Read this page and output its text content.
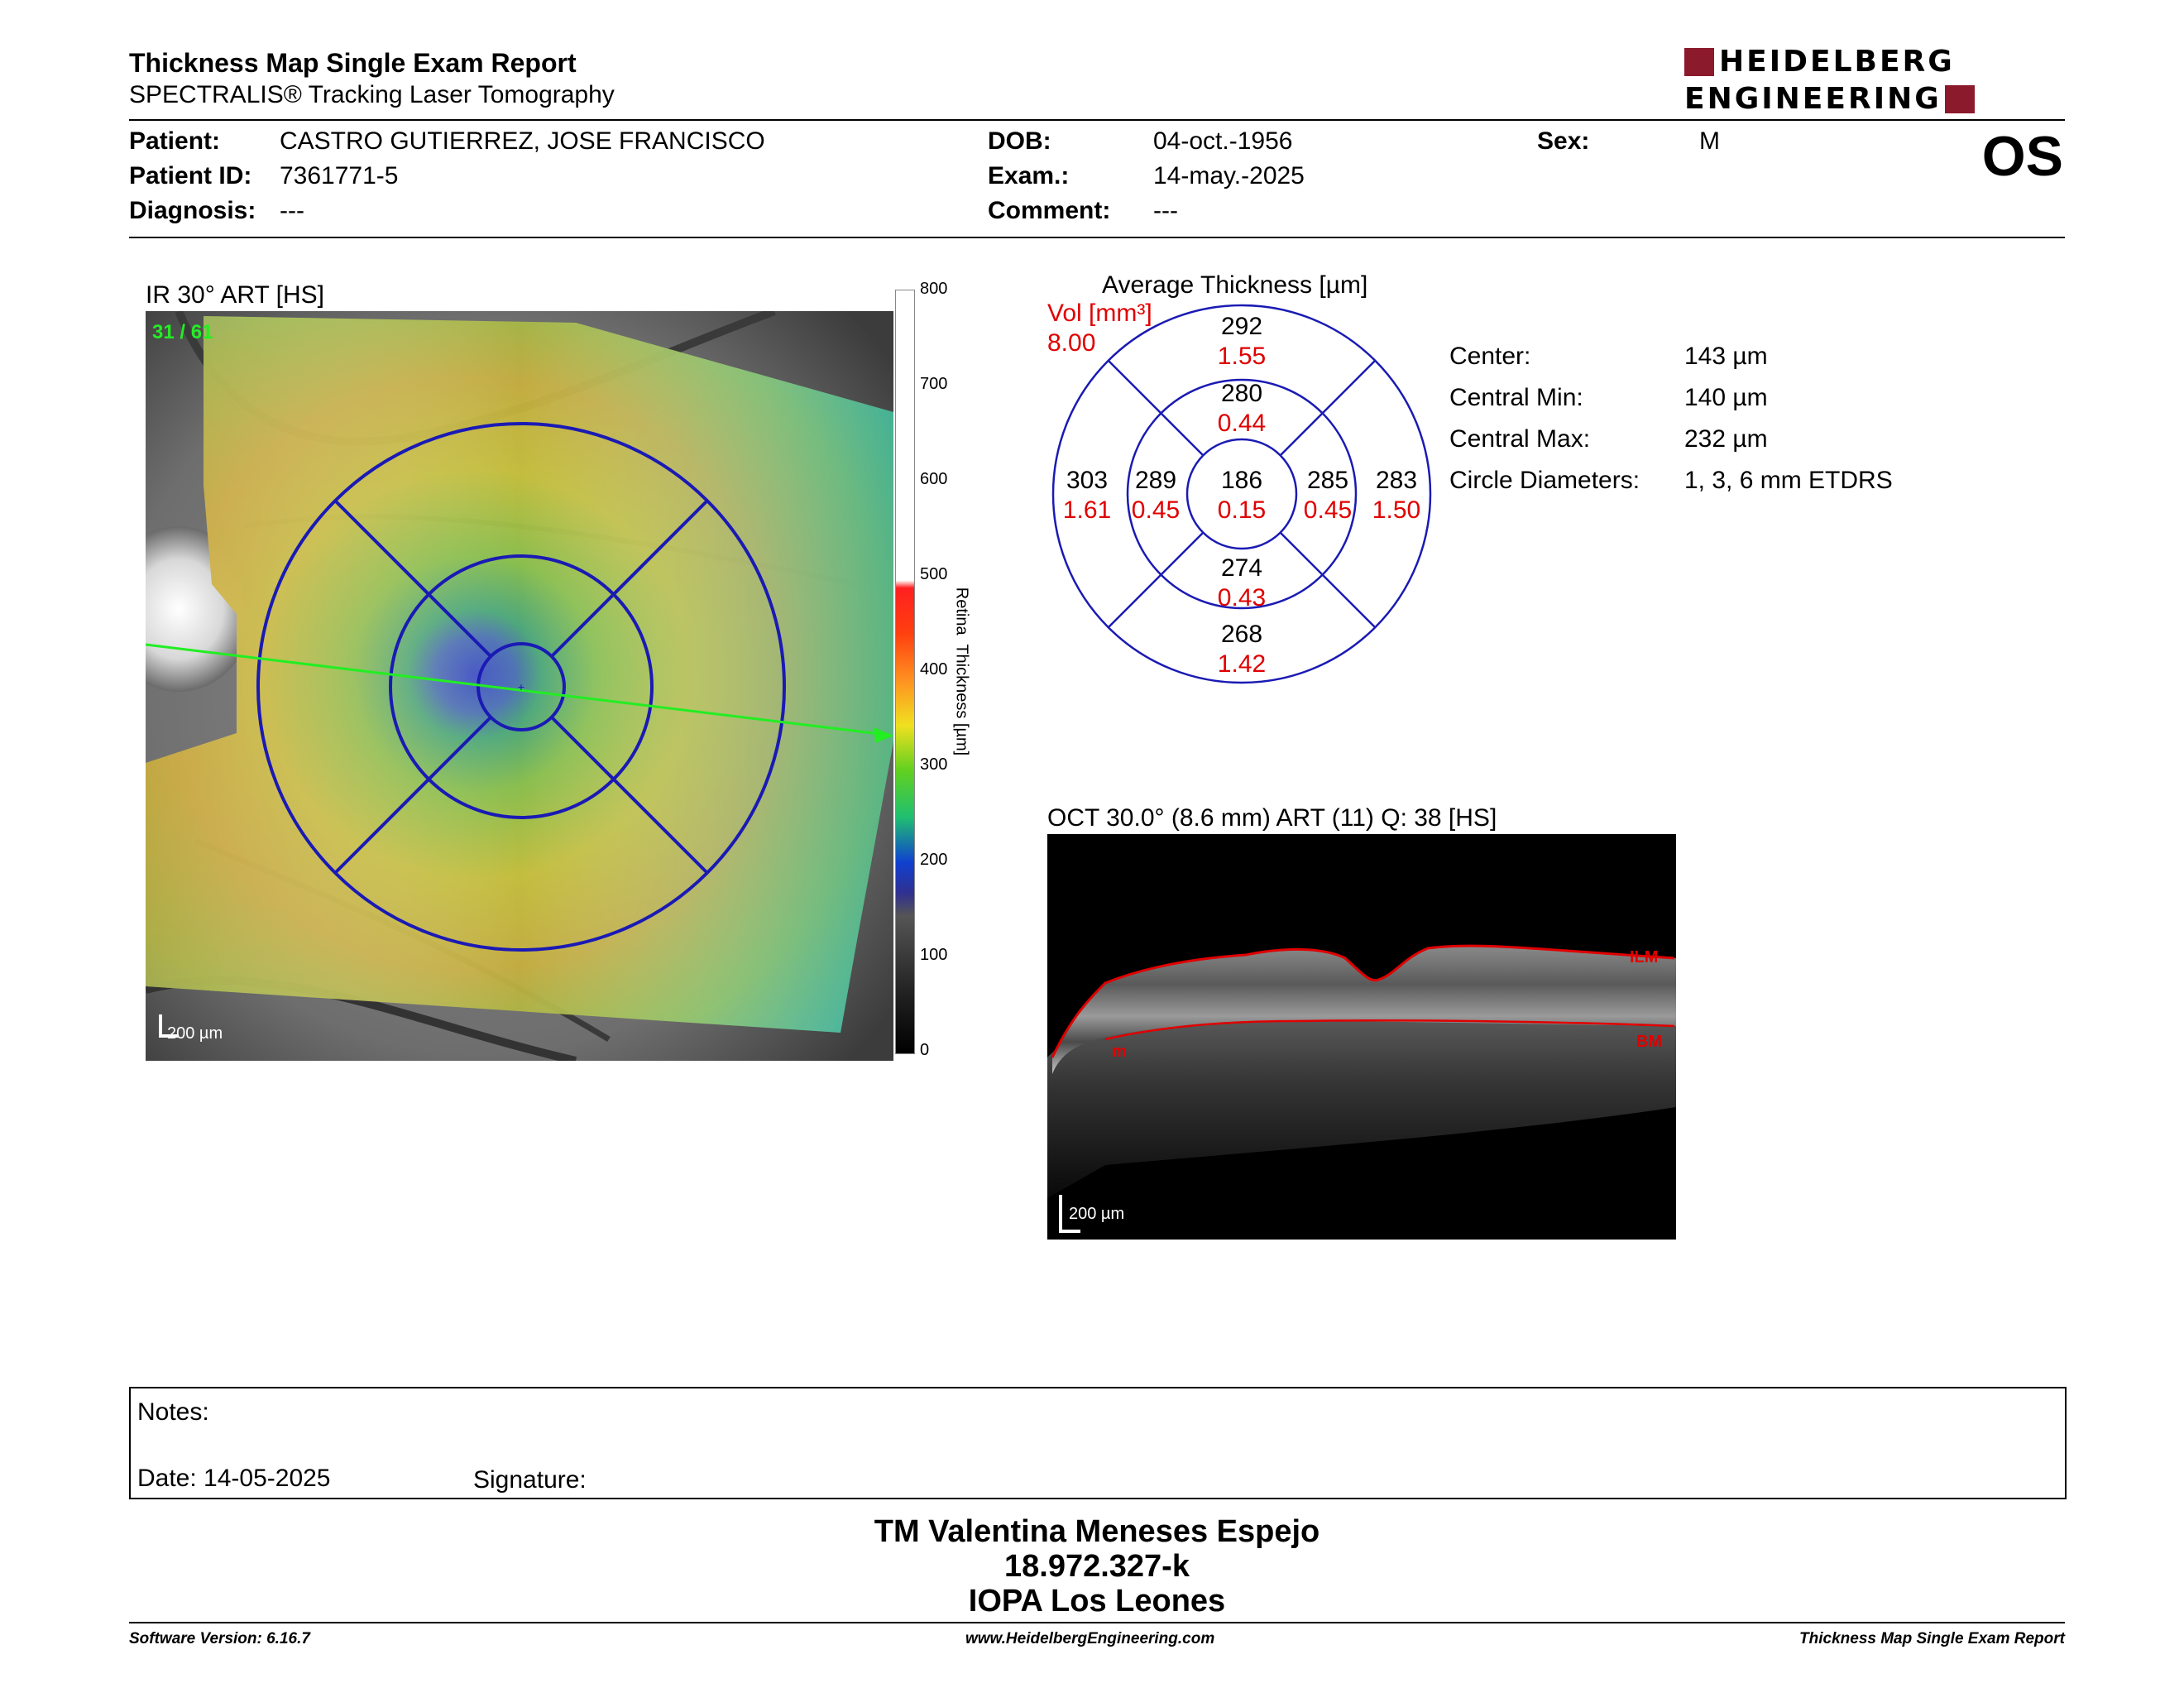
Thickness Map Single Exam Report
SPECTRALIS® Tracking Laser Tomography
HEIDELBERG
ENGINEERING
Patient: CASTRO GUTIERREZ, JOSE FRANCISCO
Patient ID: 7361771-5
Diagnosis: ---
DOB:	04-oct.-1956
Exam.:	14-may.-2025
Comment: ---
Sex:	M	OS
IR 30° ART [HS]
+
31 / 61
200 µm
800
700
600
500
400
300
200
100
0
Retina  Thickness [µm]
Average Thickness [µm]
Vol [mm³]
8.00
292
1.55
280
0.44
303
1.61
289
0.45
186
0.15
285
0.45
283
1.50
274
0.43
268
1.42
Center:	143 µm
Central Min:	140 µm
Central Max:	232 µm
Circle Diameters: 1, 3, 6 mm ETDRS
OCT 30.0° (8.6 mm) ART (11) Q: 38 [HS]
ILM
BM
m
200 µm
Notes:
Date: 14-05-2025	Signature:
TM Valentina Meneses Espejo
18.972.327-k
IOPA Los Leones
Software Version: 6.16.7	www.HeidelbergEngineering.com	Thickness Map Single Exam Report
